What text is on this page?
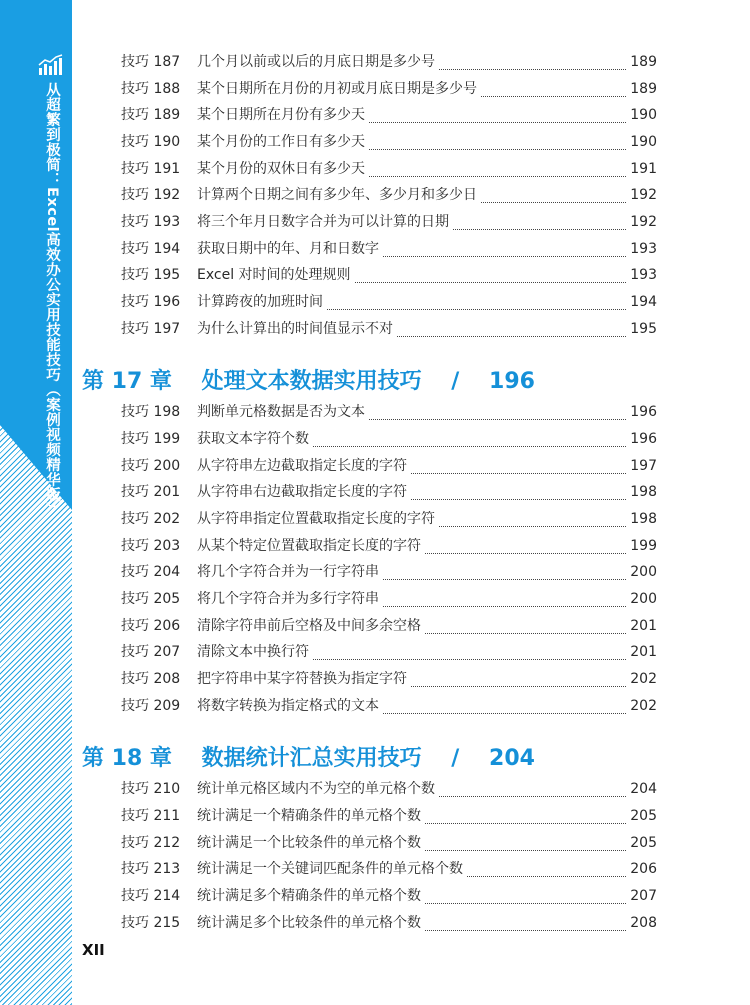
从超繁到极简：Excel高效办公实用技能技巧（案例视频精华版）
技巧 187	几个月以前或以后的月底日期是多少号	189
技巧 188	某个日期所在月份的月初或月底日期是多少号	189
技巧 189	某个日期所在月份有多少天	190
技巧 190	某个月份的工作日有多少天	190
技巧 191	某个月份的双休日有多少天	191
技巧 192	计算两个日期之间有多少年、多少月和多少日	192
技巧 193	将三个年月日数字合并为可以计算的日期	192
技巧 194	获取日期中的年、月和日数字	193
技巧 195	Excel 对时间的处理规则	193
技巧 196	计算跨夜的加班时间	194
技巧 197	为什么计算出的时间值显示不对	195
第 17 章 处理文本数据实用技巧 / 196
技巧 198	判断单元格数据是否为文本	196
技巧 199	获取文本字符个数	196
技巧 200	从字符串左边截取指定长度的字符	197
技巧 201	从字符串右边截取指定长度的字符	198
技巧 202	从字符串指定位置截取指定长度的字符	198
技巧 203	从某个特定位置截取指定长度的字符	199
技巧 204	将几个字符合并为一行字符串	200
技巧 205	将几个字符合并为多行字符串	200
技巧 206	清除字符串前后空格及中间多余空格	201
技巧 207	清除文本中换行符	201
技巧 208	把字符串中某字符替换为指定字符	202
技巧 209	将数字转换为指定格式的文本	202
第 18 章 数据统计汇总实用技巧 / 204
技巧 210	统计单元格区域内不为空的单元格个数	204
技巧 211	统计满足一个精确条件的单元格个数	205
技巧 212	统计满足一个比较条件的单元格个数	205
技巧 213	统计满足一个关键词匹配条件的单元格个数	206
技巧 214	统计满足多个精确条件的单元格个数	207
技巧 215	统计满足多个比较条件的单元格个数	208
XII
